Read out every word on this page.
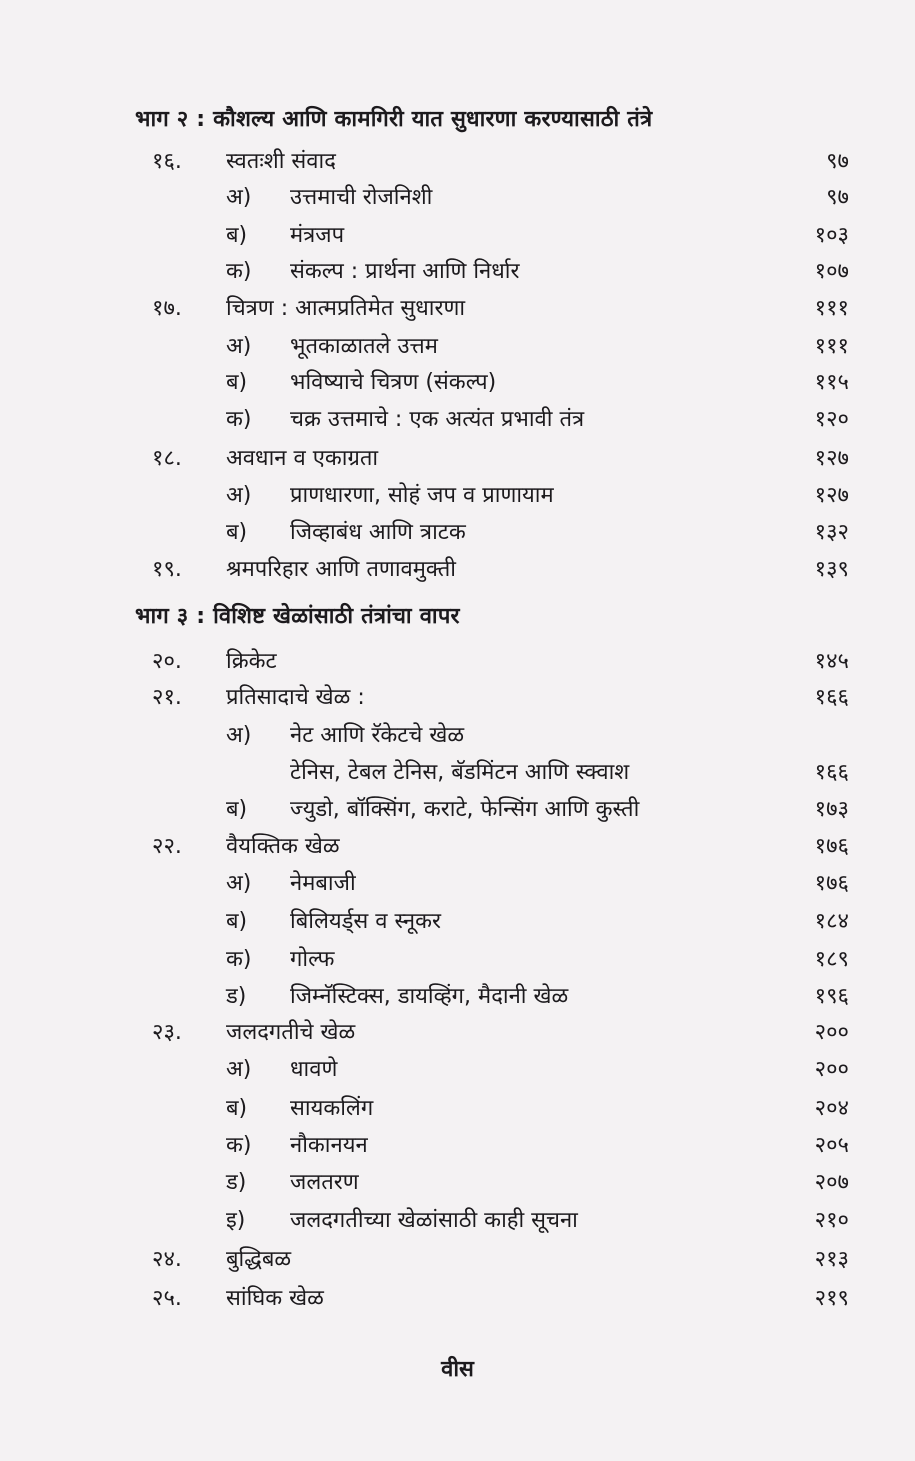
भाग २ : कौशल्य आणि कामगिरी यात सुधारणा करण्यासाठी तंत्रे
भाग ३ : विशिष्ट खेळांसाठी तंत्रांचा वापर
१६.	स्वतःशी संवाद	९७
अ)	उत्तमाची रोजनिशी	९७
ब)	मंत्रजप	१०३
क)	संकल्प : प्रार्थना आणि निर्धार	१०७
१७.	चित्रण : आत्मप्रतिमेत सुधारणा	१११
अ)	भूतकाळातले उत्तम	१११
ब)	भविष्याचे चित्रण (संकल्प)	११५
क)	चक्र उत्तमाचे : एक अत्यंत प्रभावी तंत्र	१२०
१८.	अवधान व एकाग्रता	१२७
अ)	प्राणधारणा, सोहं जप व प्राणायाम	१२७
ब)	जिव्हाबंध आणि त्राटक	१३२
१९.	श्रमपरिहार आणि तणावमुक्ती	१३९
२०.	क्रिकेट	१४५
२१.	प्रतिसादाचे खेळ :	१६६
अ)	नेट आणि रॅकेटचे खेळ
टेनिस, टेबल टेनिस, बॅडमिंटन आणि स्क्वाश	१६६
ब)	ज्युडो, बॉक्सिंग, कराटे, फेन्सिंग आणि कुस्ती	१७३
२२.	वैयक्तिक खेळ	१७६
अ)	नेमबाजी	१७६
ब)	बिलियर्ड्स व स्नूकर	१८४
क)	गोल्फ	१८९
ड)	जिम्नॅस्टिक्स, डायव्हिंग, मैदानी खेळ	१९६
२३.	जलदगतीचे खेळ	२००
अ)	धावणे	२००
ब)	सायकलिंग	२०४
क)	नौकानयन	२०५
ड)	जलतरण	२०७
इ)	जलदगतीच्या खेळांसाठी काही सूचना	२१०
२४.	बुद्धिबळ	२१३
२५.	सांघिक खेळ	२१९
वीस
